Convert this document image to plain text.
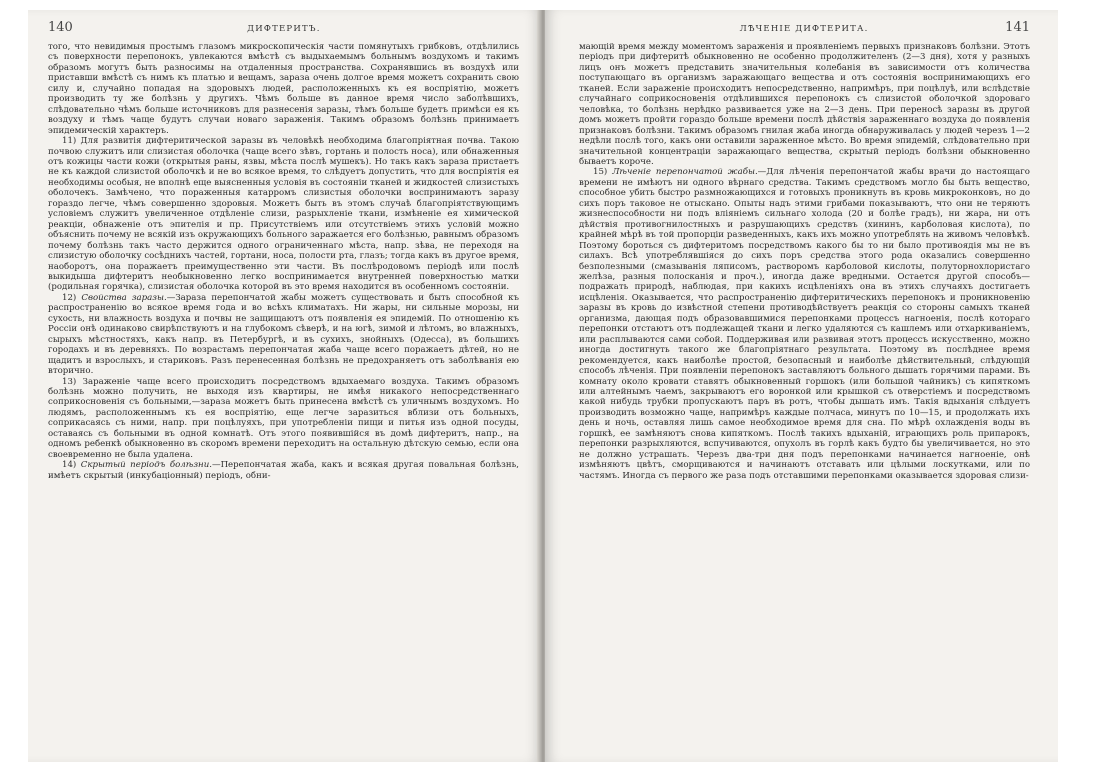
140	ДИФТЕРИТЪ.

того, что невидимыя простымъ глазомъ микроскопическія части помянутыхъ грибковъ, отдѣлились съ поверхности перепонокъ, увлекаются вмѣстѣ съ выдыхаемымъ больнымъ воздухомъ и такимъ образомъ могутъ быть разносимы на отдаленныя пространства. Сохранявшись въ воздухѣ или приставши вмѣстѣ съ нимъ къ платью и вещамъ, зараза очень долгое время можетъ сохранить свою силу и, случайно попадая на здоровыхъ людей, расположенныхъ къ ея воспріятію, можетъ производить ту же болѣзнь у другихъ. Чѣмъ больше въ данное время число заболѣвшихъ, слѣдовательно чѣмъ больше источниковъ для разнесенія заразы, тѣмъ больше будетъ примѣси ея къ воздуху и тѣмъ чаще будутъ случаи новаго зараженія. Такимъ образомъ болѣзнь принимаетъ эпидемическій характеръ.

11) Для развитія дифтеритической заразы въ человѣкѣ необходима благопріятная почва. Такою почвою служитъ или слизистая оболочка (чаще всего зѣвъ, гортань и полость носа), или обнаженныя отъ кожицы части кожи (открытыя раны, язвы, мѣста послѣ мушекъ). Но такъ какъ зараза пристаетъ не къ каждой слизистой оболочкѣ и не во всякое время, то слѣдуетъ допустить, что для воспріятія ея необходимы особыя, не вполнѣ еще выясненныя условія въ состояніи тканей и жидкостей слизистыхъ оболочекъ. Замѣчено, что пораженныя катарромъ слизистыя оболочки воспринимаютъ заразу гораздо легче, чѣмъ совершенно здоровыя. Можетъ быть въ этомъ случаѣ благопріятствующимъ условіемъ служитъ увеличенное отдѣленіе слизи, разрыхленіе ткани, измѣненіе ея химической реакціи, обнаженіе отъ эпителія и пр. Присутствіемъ или отсутствіемъ этихъ условій можно объяснить почему не всякій изъ окружающихъ больного заражается его болѣзнью, равнымъ образомъ почему болѣзнь такъ часто держится одного ограниченнаго мѣста, напр. зѣва, не переходя на слизистую оболочку сосѣднихъ частей, гортани, носа, полости рта, глазъ; тогда какъ въ другое время, наоборотъ, она поражаетъ преимущественно эти части. Въ послѣродовомъ періодѣ или послѣ выкидыша дифтеритъ необыкновенно легко воспринимается внутренней поверхностью матки (родильная горячка), слизистая оболочка которой въ это время находится въ особенномъ состояніи.

12) Свойства заразы.—Зараза перепончатой жабы можетъ существовать и быть способной къ распространенію во всякое время года и во всѣхъ климатахъ. Ни жары, ни сильные морозы, ни сухость, ни влажность воздуха и почвы не защищаютъ отъ появленія ея эпидемій. По отношенію къ Россіи онѣ одинаково свирѣпствуютъ и на глубокомъ сѣверѣ, и на югѣ, зимой и лѣтомъ, во влажныхъ, сырыхъ мѣстностяхъ, какъ напр. въ Петербургѣ, и въ сухихъ, знойныхъ (Одесса), въ большихъ городахъ и въ деревняхъ. По возрастамъ перепончатая жаба чаще всего поражаетъ дѣтей, но не щадитъ и взрослыхъ, и стариковъ. Разъ перенесенная болѣзнь не предохраняетъ отъ заболѣванія ею вторично.

13) Зараженіе чаще всего происходитъ посредствомъ вдыхаемаго воздуха. Такимъ образомъ болѣзнь можно получить, не выходя изъ квартиры, не имѣя никакого непосредственнаго соприкосновенія съ больными,—зараза можетъ быть принесена вмѣстѣ съ уличнымъ воздухомъ. Но людямъ, расположеннымъ къ ея воспріятію, еще легче заразиться вблизи отъ больныхъ, соприкасаясь съ ними, напр. при поцѣлуяхъ, при употребленіи пищи и питья изъ одной посуды, оставаясь съ больными въ одной комнатѣ. Отъ этого появившійся въ домѣ дифтеритъ, напр., на одномъ ребенкѣ обыкновенно въ скоромъ времени переходитъ на остальную дѣтскую семью, если она своевременно не была удалена.

14) Скрытый періодъ болѣзни.—Перепончатая жаба, какъ и всякая другая повальная болѣзнь, имѣетъ скрытый (инкубаціонный) періодъ, обни-

ЛѢЧЕНІЕ ДИФТЕРИТА.	141

мающій время между моментомъ зараженія и проявленіемъ первыхъ признаковъ болѣзни. Этотъ періодъ при дифтеритѣ обыкновенно не особенно продолжителенъ (2—3 дня), хотя у разныхъ лицъ онъ можетъ представить значительныя колебанія въ зависимости отъ количества поступающаго въ организмъ заражающаго вещества и отъ состоянія воспринимающихъ его тканей. Если зараженіе происходитъ непосредственно, напримѣръ, при поцѣлуѣ, или вслѣдствіе случайнаго соприкосновенія отдѣлившихся перепонокъ съ слизистой оболочкой здороваго человѣка, то болѣзнь нерѣдко развивается уже на 2—3 день. При переносѣ заразы въ другой домъ можетъ пройти гораздо больше времени послѣ дѣйствія зараженнаго воздуха до появленія признаковъ болѣзни. Такимъ образомъ гнилая жаба иногда обнаруживалась у людей черезъ 1—2 недѣли послѣ того, какъ они оставили зараженное мѣсто. Во время эпидемій, слѣдовательно при значительной концентраціи заражающаго вещества, скрытый періодъ болѣзни обыкновенно бываетъ короче.

15) Лѣченіе перепончатой жабы.—Для лѣченія перепончатой жабы врачи до настоящаго времени не имѣютъ ни одного вѣрнаго средства. Такимъ средствомъ могло бы быть вещество, способное убить быстро размножающихся и готовыхъ проникнуть въ кровь микроконковъ, но до сихъ поръ таковое не отыскано. Опыты надъ этими грибами показываютъ, что они не теряютъ жизнеспособности ни подъ вліяніемъ сильнаго холода (20 и болѣе градъ), ни жара, ни отъ дѣйствія противогнилостныхъ и разрушающихъ средствъ (хининъ, карболовая кислота), по крайней мѣрѣ въ той пропорціи разведенныхъ, какъ ихъ можно употреблять на живомъ человѣкѣ. Поэтому бороться съ дифтеритомъ посредствомъ какого бы то ни было противоядія мы не въ силахъ. Всѣ употреблявшіяся до сихъ поръ средства этого рода оказались совершенно безполезными (смазыванія ляписомъ, растворомъ карболовой кислоты, полуторнохлористаго желѣза, разныя полосканія и проч.), иногда даже вредными. Остается другой способъ—подражать природѣ, наблюдая, при какихъ исцѣленіяхъ она въ этихъ случаяхъ достигаетъ исцѣленія. Оказывается, что распространенію дифтеритическихъ перепонокъ и проникновенію заразы въ кровь до извѣстной степени противодѣйствуетъ реакція со стороны самыхъ тканей организма, дающая подъ образовавшимися перепонками процессъ нагноенія, послѣ котораго перепонки отстаютъ отъ подлежащей ткани и легко удаляются съ кашлемъ или отхаркиваніемъ, или расплываются сами собой. Поддерживая или развивая этотъ процессъ искусственно, можно иногда достигнуть такого же благопріятнаго результата. Поэтому въ послѣднее время рекомендуется, какъ наиболѣе простой, безопасный и наиболѣе дѣйствительный, слѣдующій способъ лѣченія. При появленіи перепонокъ заставляютъ больного дышать горячими парами. Въ комнату около кровати ставятъ обыкновенный горшокъ (или большой чайникъ) съ кипяткомъ или алтейнымъ чаемъ, закрываютъ его воронкой или крышкой съ отверстіемъ и посредствомъ какой нибудь трубки пропускаютъ паръ въ ротъ, чтобы дышать имъ. Такія вдыханія слѣдуетъ производить возможно чаще, напримѣръ каждые полчаса, минутъ по 10—15, и продолжать ихъ день и ночь, оставляя лишь самое необходимое время для сна. По мѣрѣ охлажденія воды въ горшкѣ, ее замѣняютъ снова кипяткомъ. Послѣ такихъ вдыханій, играющихъ роль припарокъ, перепонки разрыхляются, вспучиваются, опухолъ въ горлѣ какъ будто бы увеличивается, но это не должно устрашать. Черезъ два-три дня подъ перепонками начинается нагноеніе, онѣ измѣняютъ цвѣтъ, сморщиваются и начинаютъ отставать или цѣлыми лоскутками, или по частямъ. Иногда съ первого же раза подъ отставшими перепонками оказывается здоровая слизи-
